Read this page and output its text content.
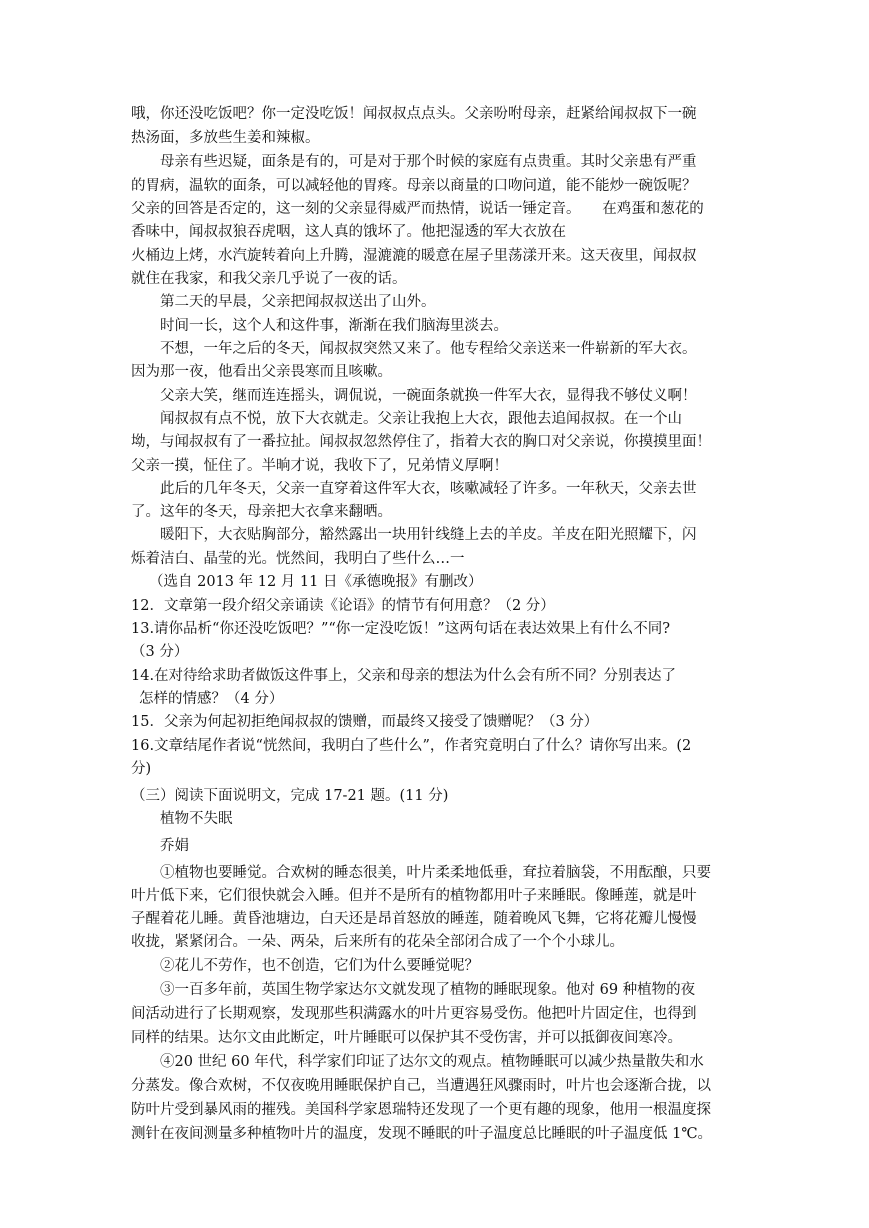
哦，你还没吃饭吧？你一定没吃饭！闻叔叔点点头。父亲吩咐母亲，赶紧给闻叔叔下一碗
热汤面，多放些生姜和辣椒。
母亲有些迟疑，面条是有的，可是对于那个时候的家庭有点贵重。其时父亲患有严重
的胃病，温软的面条，可以减轻他的胃疼。母亲以商量的口吻问道，能不能炒一碗饭呢？
父亲的回答是否定的，这一刻的父亲显得威严而热情，说话一锤定音。　　在鸡蛋和葱花的
香味中，闻叔叔狼吞虎咽，这人真的饿坏了。他把湿透的军大衣放在
火桶边上烤，水汽旋转着向上升腾，湿漉漉的暖意在屋子里荡漾开来。这天夜里，闻叔叔
就住在我家，和我父亲几乎说了一夜的话。
第二天的早晨，父亲把闻叔叔送出了山外。
时间一长，这个人和这件事，渐渐在我们脑海里淡去。
不想，一年之后的冬天，闻叔叔突然又来了。他专程给父亲送来一件崭新的军大衣。
因为那一夜，他看出父亲畏寒而且咳嗽。
父亲大笑，继而连连摇头，调侃说，一碗面条就换一件军大衣，显得我不够仗义啊！
闻叔叔有点不悦，放下大衣就走。父亲让我抱上大衣，跟他去追闻叔叔。在一个山
坳，与闻叔叔有了一番拉扯。闻叔叔忽然停住了，指着大衣的胸口对父亲说，你摸摸里面！
父亲一摸，怔住了。半晌才说，我收下了，兄弟情义厚啊！
此后的几年冬天，父亲一直穿着这件军大衣，咳嗽减轻了许多。一年秋天，父亲去世
了。这年的冬天，母亲把大衣拿来翻晒。
暖阳下，大衣贴胸部分，豁然露出一块用针线缝上去的羊皮。羊皮在阳光照耀下，闪
烁着洁白、晶莹的光。恍然间，我明白了些什么…一
（选自 2013 年 12 月 11 日《承德晚报》有删改）
12．文章第一段介绍父亲诵读《论语》的情节有何用意？（2 分）
13.请你品析“你还没吃饭吧？”“你一定没吃饭！”这两句话在表达效果上有什么不同?
（3 分）
14.在对待给求助者做饭这件事上，父亲和母亲的想法为什么会有所不同？分别表达了
怎样的情感？（4 分）
15．父亲为何起初拒绝闻叔叔的馈赠，而最终又接受了馈赠呢？（3 分）
16.文章结尾作者说“恍然间，我明白了些什么”，作者究竟明白了什么？请你写出来。(2
分)
（三）阅读下面说明文，完成 17-21 题。(11 分)
植物不失眠
乔娟
①植物也要睡觉。合欢树的睡态很美，叶片柔柔地低垂，耷拉着脑袋，不用酝酿，只要
叶片低下来，它们很快就会入睡。但并不是所有的植物都用叶子来睡眠。像睡莲，就是叶
子醒着花儿睡。黄昏池塘边，白天还是昂首怒放的睡莲，随着晚风飞舞，它将花瓣儿慢慢
收拢，紧紧闭合。一朵、两朵，后来所有的花朵全部闭合成了一个个小球儿。
②花儿不劳作，也不创造，它们为什么要睡觉呢？
③一百多年前，英国生物学家达尔文就发现了植物的睡眠现象。他对 69 种植物的夜
间活动进行了长期观察，发现那些积满露水的叶片更容易受伤。他把叶片固定住，也得到
同样的结果。达尔文由此断定，叶片睡眠可以保护其不受伤害，并可以抵御夜间寒冷。
④20 世纪 60 年代，科学家们印证了达尔文的观点。植物睡眠可以减少热量散失和水
分蒸发。像合欢树，不仅夜晚用睡眠保护自己，当遭遇狂风骤雨时，叶片也会逐渐合拢，以
防叶片受到暴风雨的摧残。美国科学家恩瑞特还发现了一个更有趣的现象，他用一根温度探
测针在夜间测量多种植物叶片的温度，发现不睡眠的叶子温度总比睡眠的叶子温度低 1℃。
